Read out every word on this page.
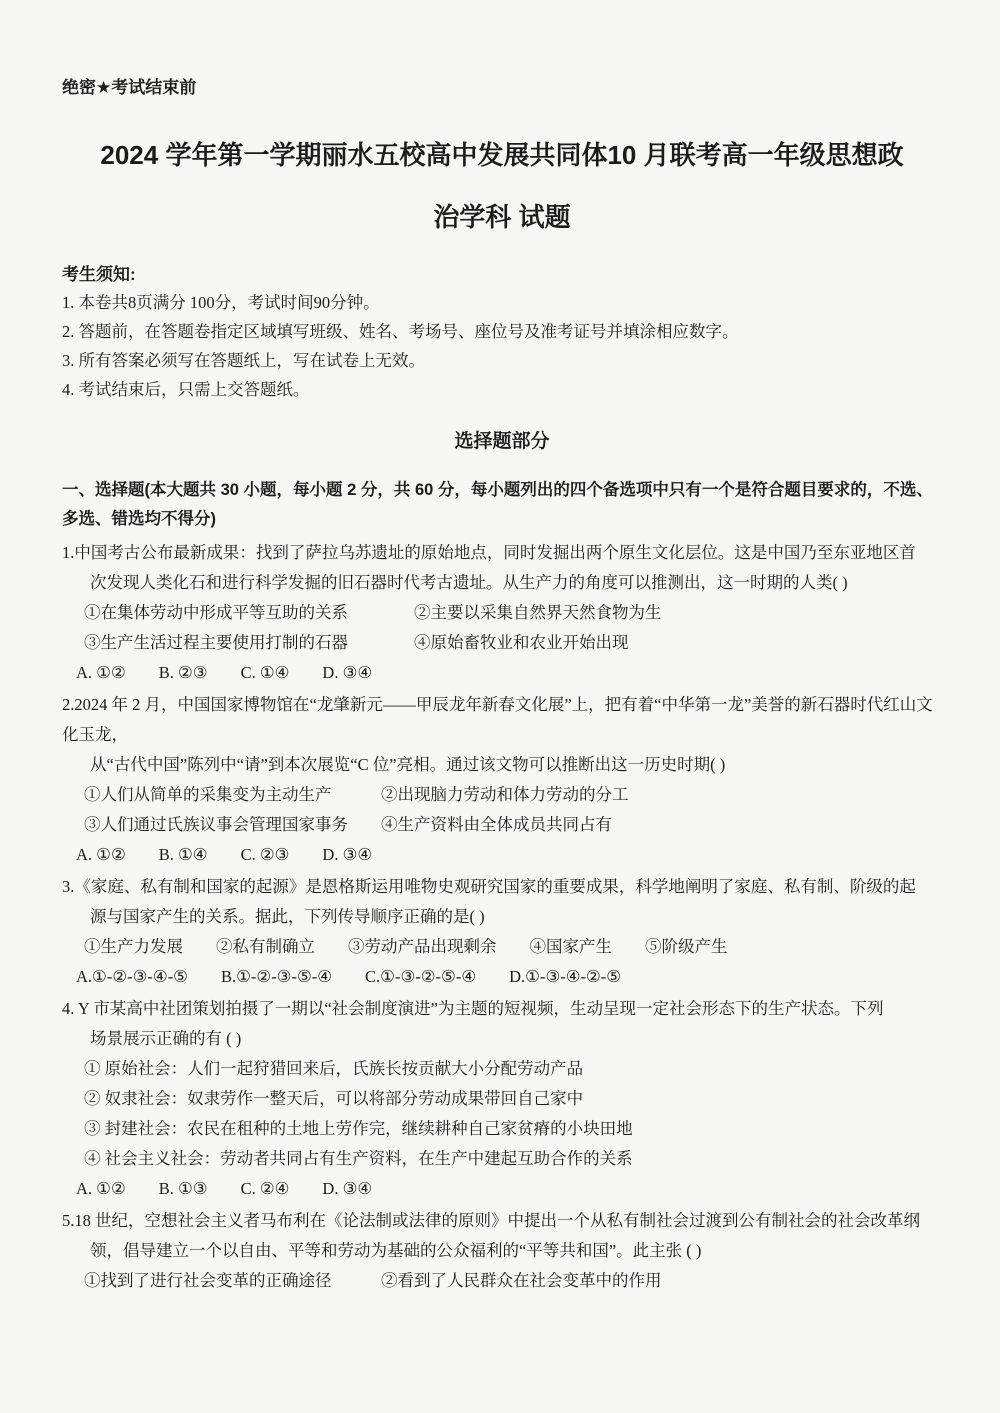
绝密★考试结束前
2024 学年第一学期丽水五校高中发展共同体10 月联考高一年级思想政
治学科 试题
考生须知:
1. 本卷共8页满分 100分，考试时间90分钟。
2. 答题前，在答题卷指定区域填写班级、姓名、考场号、座位号及准考证号并填涂相应数字。
3. 所有答案必须写在答题纸上，写在试卷上无效。
4. 考试结束后，只需上交答题纸。
选择题部分
一、选择题(本大题共 30 小题，每小题 2 分，共 60 分，每小题列出的四个备选项中只有一个是符合题目要求的，不选、
多选、错选均不得分)
1.中国考古公布最新成果：找到了萨拉乌苏遗址的原始地点，同时发掘出两个原生文化层位。这是中国乃至东亚地区首
次发现人类化石和进行科学发掘的旧石器时代考古遗址。从生产力的角度可以推测出，这一时期的人类( )
①在集体劳动中形成平等互助的关系　　　　②主要以采集自然界天然食物为生
③生产生活过程主要使用打制的石器　　　　④原始畜牧业和农业开始出现
A. ①②　　B. ②③　　C. ①④　　D. ③④
2.2024 年 2 月，中国国家博物馆在“龙肇新元——甲辰龙年新春文化展”上，把有着“中华第一龙”美誉的新石器时代红山文化玉龙，
从“古代中国”陈列中“请”到本次展览“C 位”亮相。通过该文物可以推断出这一历史时期( )
①人们从简单的采集变为主动生产　　　②出现脑力劳动和体力劳动的分工
③人们通过氏族议事会管理国家事务　　④生产资料由全体成员共同占有
A. ①②　　B. ①④　　C. ②③　　D. ③④
3.《家庭、私有制和国家的起源》是恩格斯运用唯物史观研究国家的重要成果，科学地阐明了家庭、私有制、阶级的起
源与国家产生的关系。据此，下列传导顺序正确的是( )
①生产力发展　　②私有制确立　　③劳动产品出现剩余　　④国家产生　　⑤阶级产生
A.①-②-③-④-⑤　　B.①-②-③-⑤-④　　C.①-③-②-⑤-④　　D.①-③-④-②-⑤
4. Y 市某高中社团策划拍摄了一期以“社会制度演进”为主题的短视频，生动呈现一定社会形态下的生产状态。下列
场景展示正确的有 ( )
① 原始社会：人们一起狩猎回来后，氏族长按贡献大小分配劳动产品
② 奴隶社会：奴隶劳作一整天后，可以将部分劳动成果带回自己家中
③ 封建社会：农民在租种的土地上劳作完，继续耕种自己家贫瘠的小块田地
④ 社会主义社会：劳动者共同占有生产资料，在生产中建起互助合作的关系
A. ①②　　B. ①③　　C. ②④　　D. ③④
5.18 世纪，空想社会主义者马布利在《论法制或法律的原则》中提出一个从私有制社会过渡到公有制社会的社会改革纲
领，倡导建立一个以自由、平等和劳动为基础的公众福利的“平等共和国”。此主张 ( )
①找到了进行社会变革的正确途径　　　②看到了人民群众在社会变革中的作用
